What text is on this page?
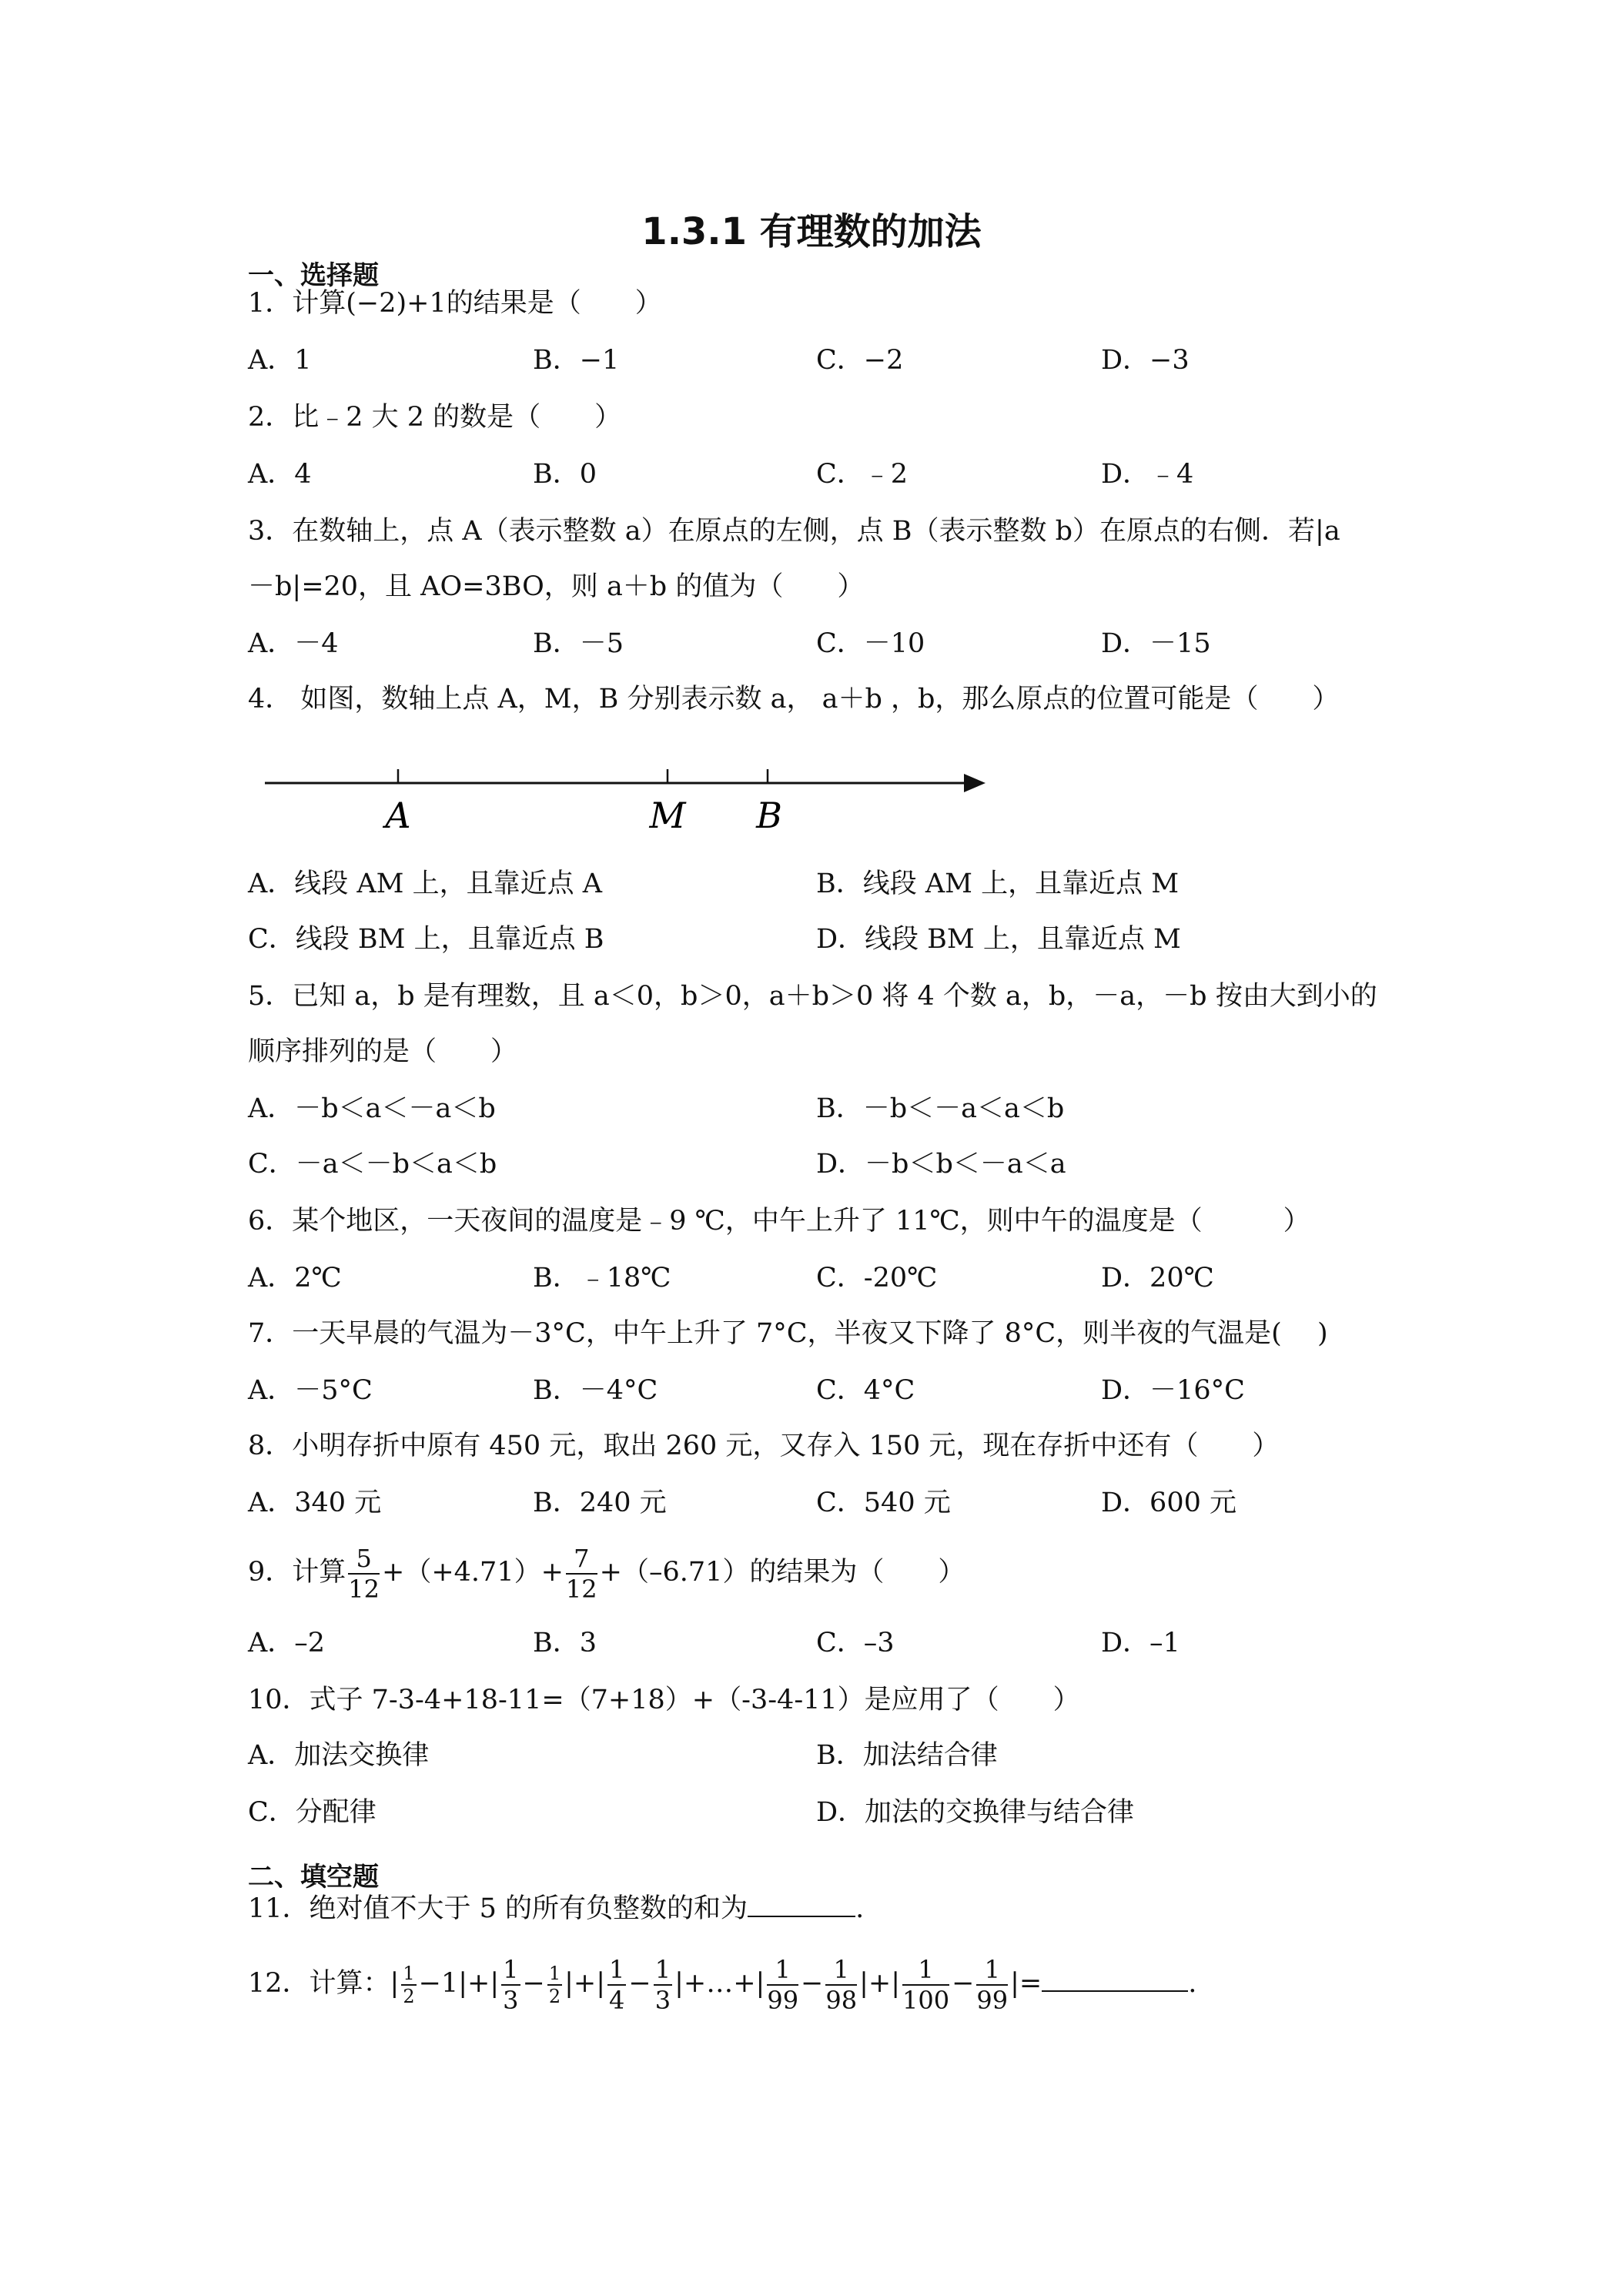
1.3.1 有理数的加法
一、选择题
1．计算(−2)+1的结果是（　　）
A．1	B．−1	C．−2	D．−3
2．比﹣2 大 2 的数是（　　）
A．4	B．0	C．﹣2	D．﹣4
3．在数轴上，点 A（表示整数 a）在原点的左侧，点 B（表示整数 b）在原点的右侧．若|a
－b|=20，且 AO=3BO，则 a＋b 的值为（　　）
A．－4	B．－5	C．－10	D．－15
4． 如图，数轴上点 A，M，B 分别表示数 a， a＋b ，b，那么原点的位置可能是（　　）
A	M B
A．线段 AM 上，且靠近点 A	B．线段 AM 上，且靠近点 M
C．线段 BM 上，且靠近点 B	D．线段 BM 上，且靠近点 M
5．已知 a，b 是有理数，且 a＜0，b＞0，a＋b＞0 将 4 个数 a，b，－a，－b 按由大到小的
顺序排列的是（　　）
A．－b＜a＜－a＜b	B．－b＜－a＜a＜b
C．－a＜－b＜a＜b	D．－b＜b＜－a＜a
6．某个地区，一天夜间的温度是﹣9 ℃，中午上升了 11℃，则中午的温度是（　　　）
A．2℃	B．﹣18℃	C．-20℃	D．20℃
7．一天早晨的气温为－3°C，中午上升了 7°C，半夜又下降了 8°C，则半夜的气温是(　 )
A．－5°C	B．－4°C	C．4°C	D．－16°C
8．小明存折中原有 450 元，取出 260 元，又存入 150 元，现在存折中还有（　　）
A．340 元	B．240 元	C．540 元	D．600 元
9．计算 $\frac{5}{12} +(+4.71)+ \frac{7}{12} +(-6.71)$的结果为（　　）
A．–2	B．3	C．–3	D．–1
10．式子 7-3-4+18-11=（7+18）+（-3-4-11）是应用了（　　）
A．加法交换律	B．加法结合律
C．分配律	D．加法的交换律与结合律
二、填空题
11．绝对值不大于 5 的所有负整数的和为	.
12．计算：| $\frac{1}{2} -1|+| \frac{1}{3} - \frac{1}{2}$ |+| $\frac{1}{4} - \frac{1}{3}$ |+…+| $\frac{1}{99} - \frac{1}{98}$ |+| $\frac{1}{100} - \frac{1}{99}$ |=	.
